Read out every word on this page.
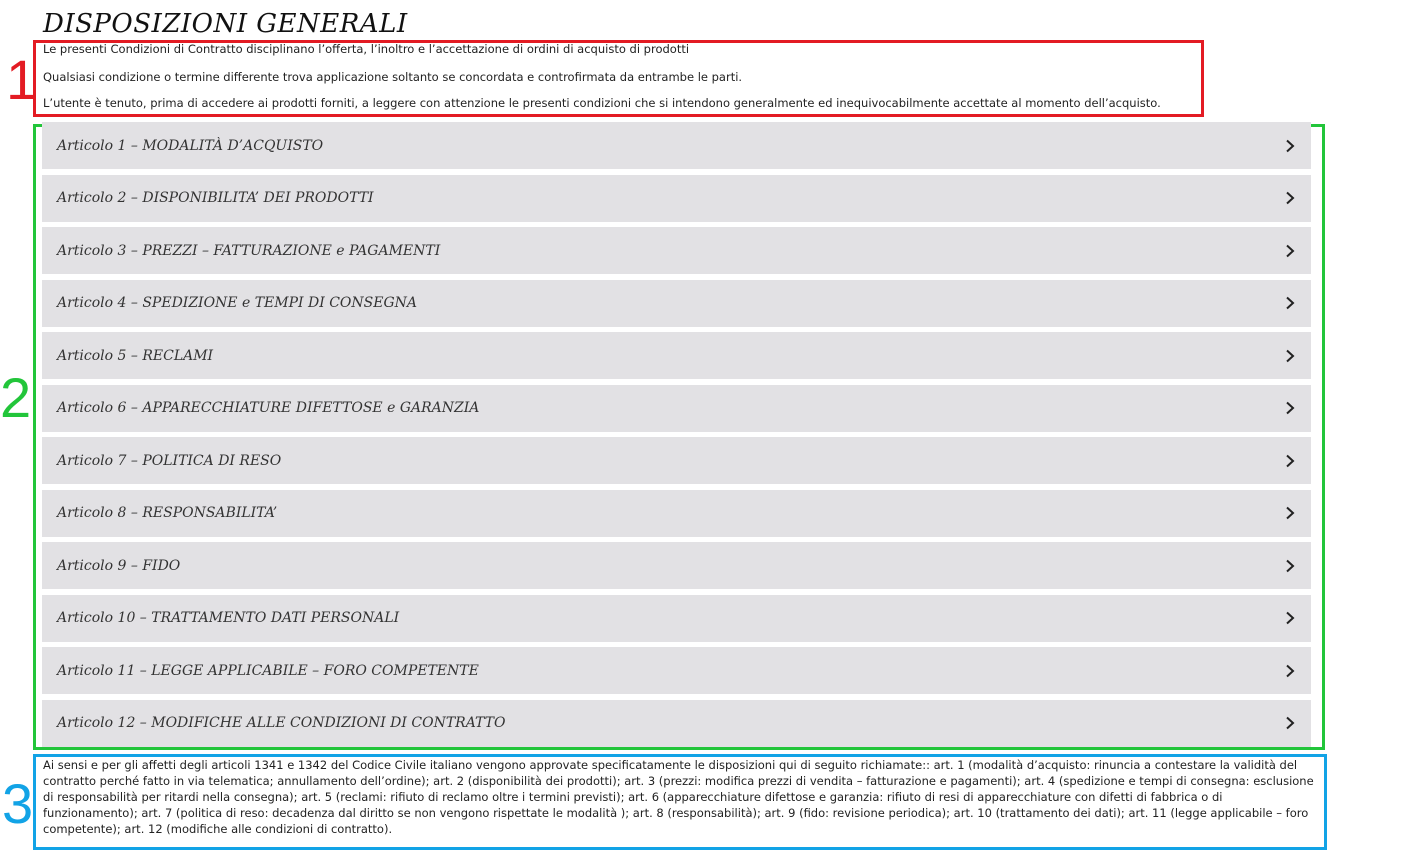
DISPOSIZIONI GENERALI
1
2
3

Le presenti Condizioni di Contratto disciplinano l’offerta, l’inoltro e l’accettazione di ordini di acquisto di prodotti

Qualsiasi condizione o termine differente trova applicazione soltanto se concordata e controfirmata da entrambe le parti.

L’utente è tenuto, prima di accedere ai prodotti forniti, a leggere con attenzione le presenti condizioni che si intendono generalmente ed inequivocabilmente accettate al momento dell’acquisto.

Articolo 1 – MODALITÀ D’ACQUISTO
Articolo 2 – DISPONIBILITA’ DEI PRODOTTI
Articolo 3 – PREZZI – FATTURAZIONE e PAGAMENTI
Articolo 4 – SPEDIZIONE e TEMPI DI CONSEGNA
Articolo 5 – RECLAMI
Articolo 6 – APPARECCHIATURE DIFETTOSE e GARANZIA
Articolo 7 – POLITICA DI RESO
Articolo 8 – RESPONSABILITA’
Articolo 9 – FIDO
Articolo 10 – TRATTAMENTO DATI PERSONALI
Articolo 11 – LEGGE APPLICABILE – FORO COMPETENTE
Articolo 12 – MODIFICHE ALLE CONDIZIONI DI CONTRATTO

Ai sensi e per gli affetti degli articoli 1341 e 1342 del Codice Civile italiano vengono approvate specificatamente le disposizioni qui di seguito richiamate:: art. 1 (modalità d’acquisto: rinuncia a contestare la validità del contratto perché fatto in via telematica; annullamento dell’ordine); art. 2 (disponibilità dei prodotti); art. 3 (prezzi: modifica prezzi di vendita – fatturazione e pagamenti); art. 4 (spedizione e tempi di consegna: esclusione di responsabilità per ritardi nella consegna); art. 5 (reclami: rifiuto di reclamo oltre i termini previsti); art. 6 (apparecchiature difettose e garanzia: rifiuto di resi di apparecchiature con difetti di fabbrica o di funzionamento); art. 7 (politica di reso: decadenza dal diritto se non vengono rispettate le modalità ); art. 8 (responsabilità); art. 9 (fido: revisione periodica); art. 10 (trattamento dei dati); art. 11 (legge applicabile – foro competente); art. 12 (modifiche alle condizioni di contratto).
